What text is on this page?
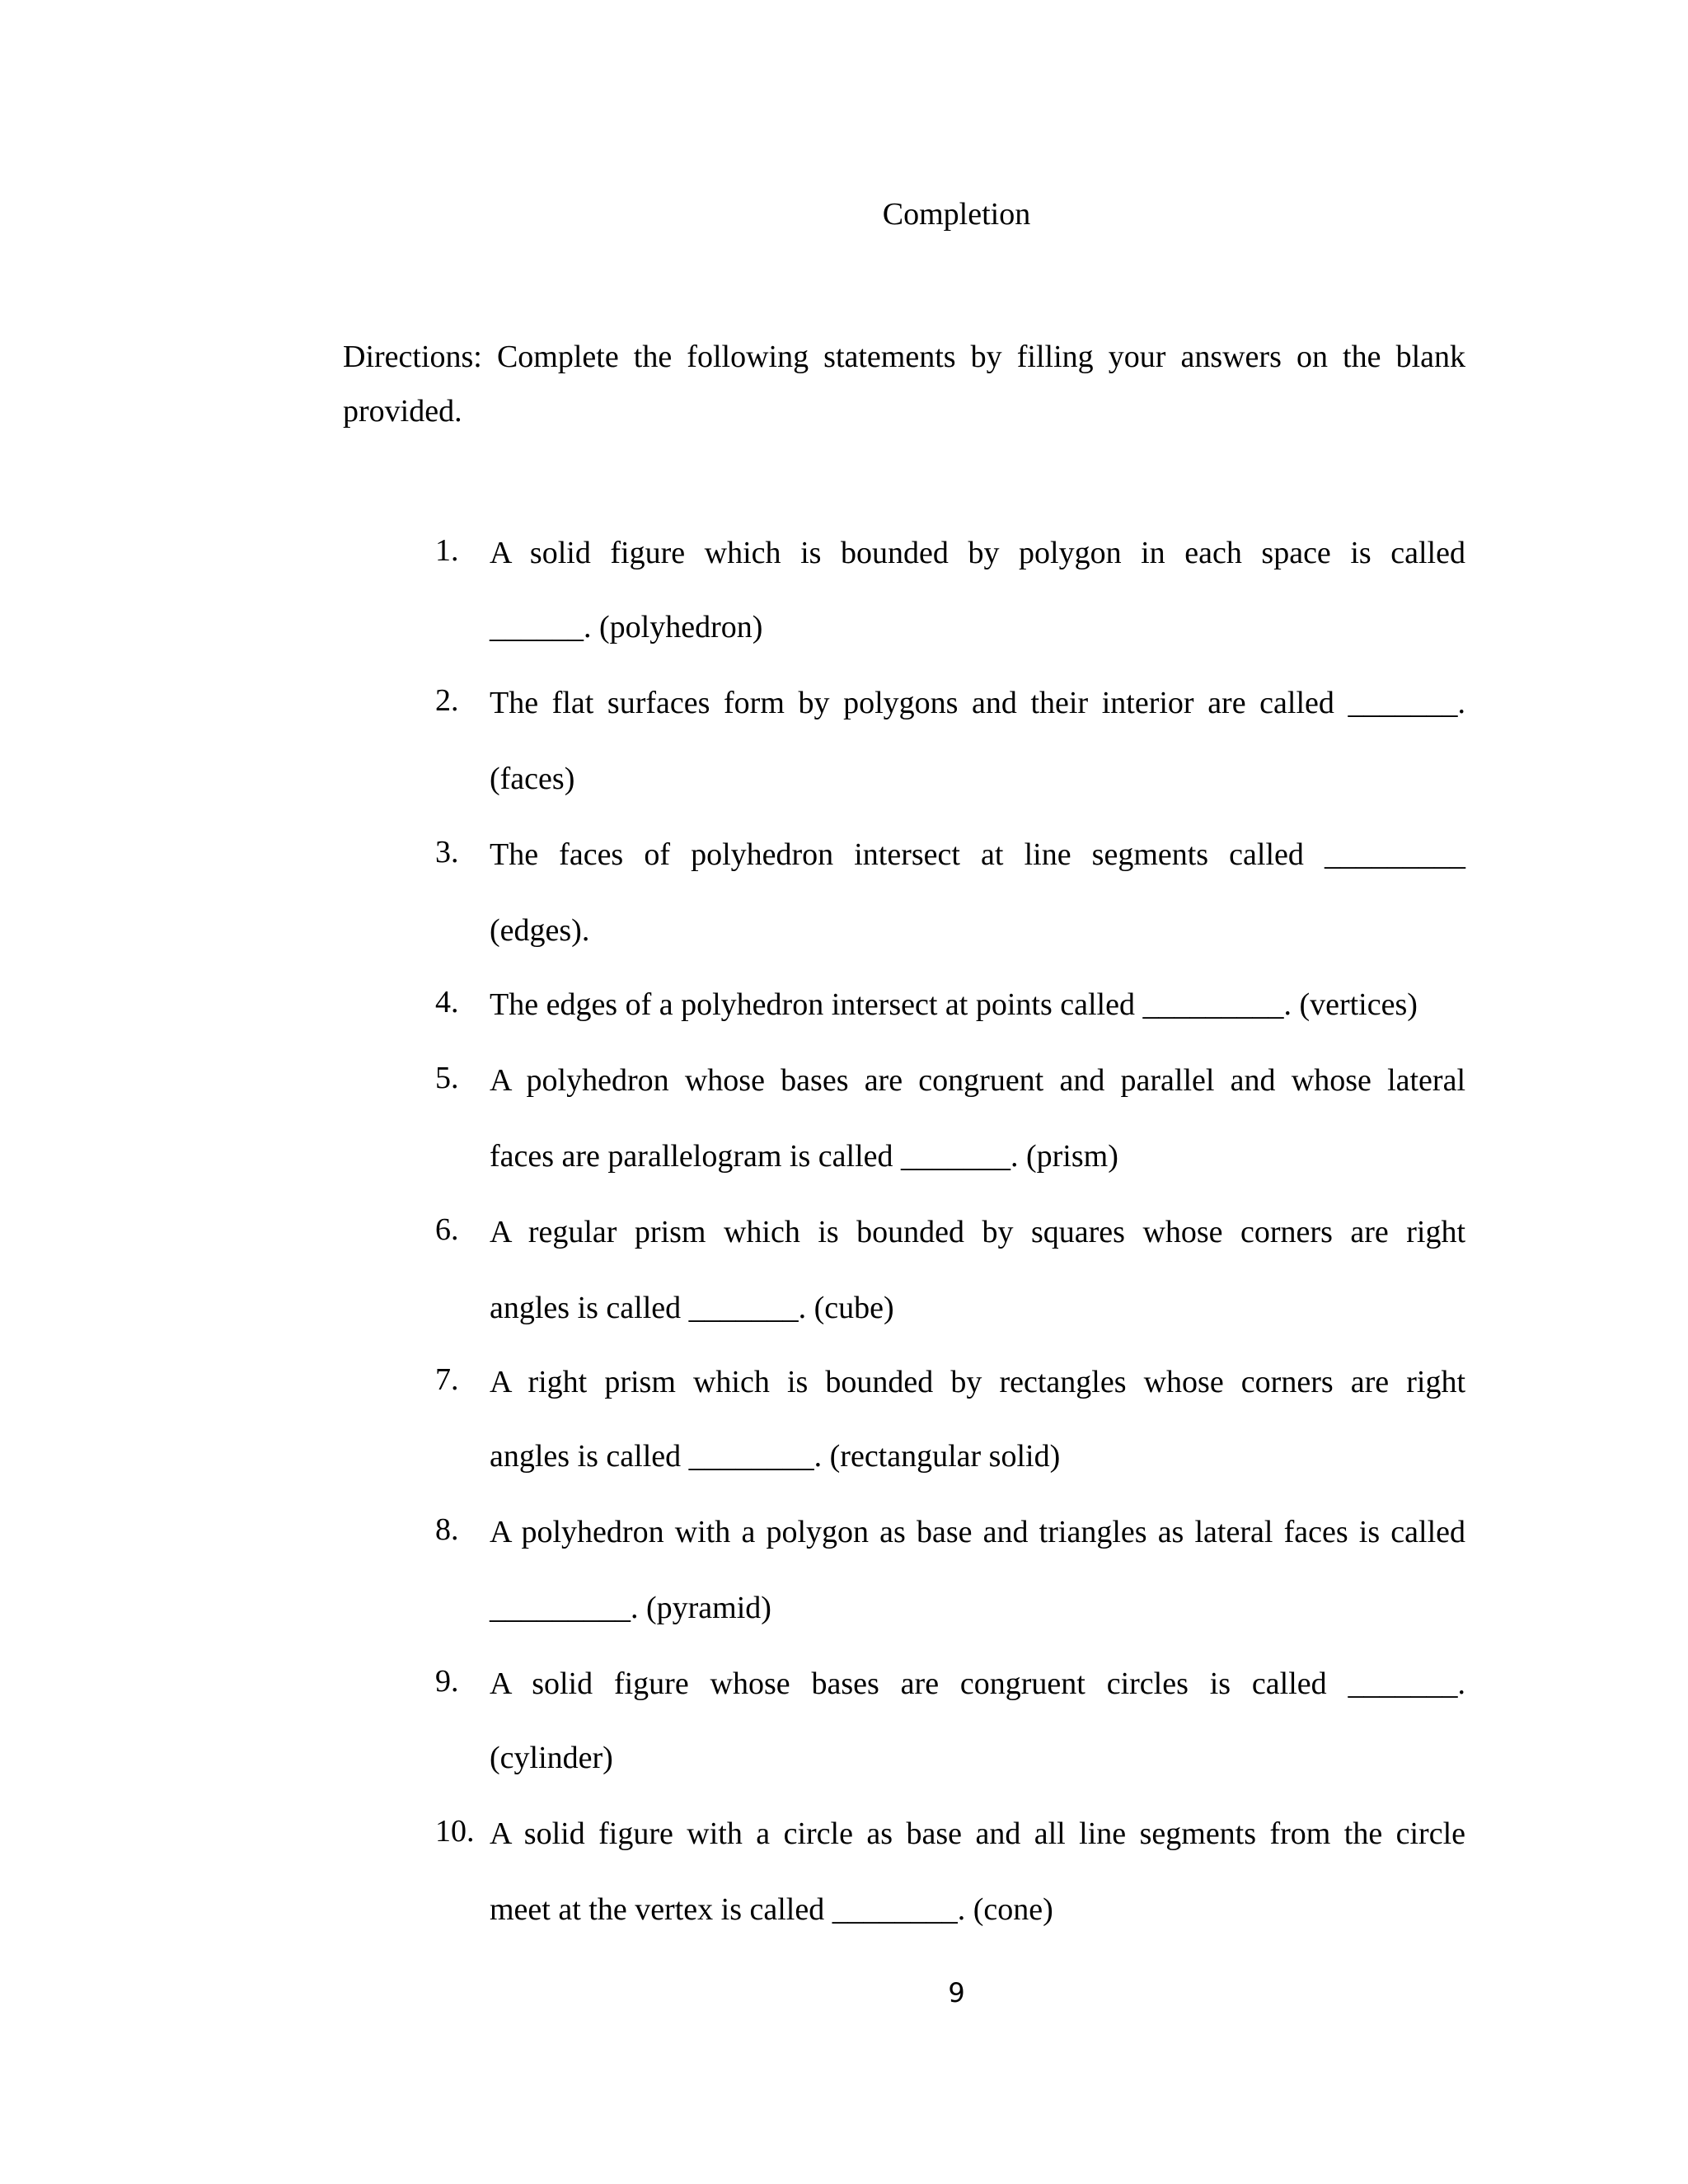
Completion
Directions: Complete the following statements by filling your answers on the blank provided.
1. A solid figure which is bounded by polygon in each space is called
______. (polyhedron)
2. The flat surfaces form by polygons and their interior are called _______.
(faces)
3. The faces of polyhedron intersect at line segments called _________
(edges).
4. The edges of a polyhedron intersect at points called _________. (vertices)
5. A polyhedron whose bases are congruent and parallel and whose lateral
faces are parallelogram is called _______. (prism)
6. A regular prism which is bounded by squares whose corners are right
angles is called _______. (cube)
7. A right prism which is bounded by rectangles whose corners are right
angles is called ________. (rectangular solid)
8. A polyhedron with a polygon as base and triangles as lateral faces is called
_________. (pyramid)
9. A solid figure whose bases are congruent circles is called _______.
(cylinder)
10. A solid figure with a circle as base and all line segments from the circle
meet at the vertex is called ________. (cone)
9
